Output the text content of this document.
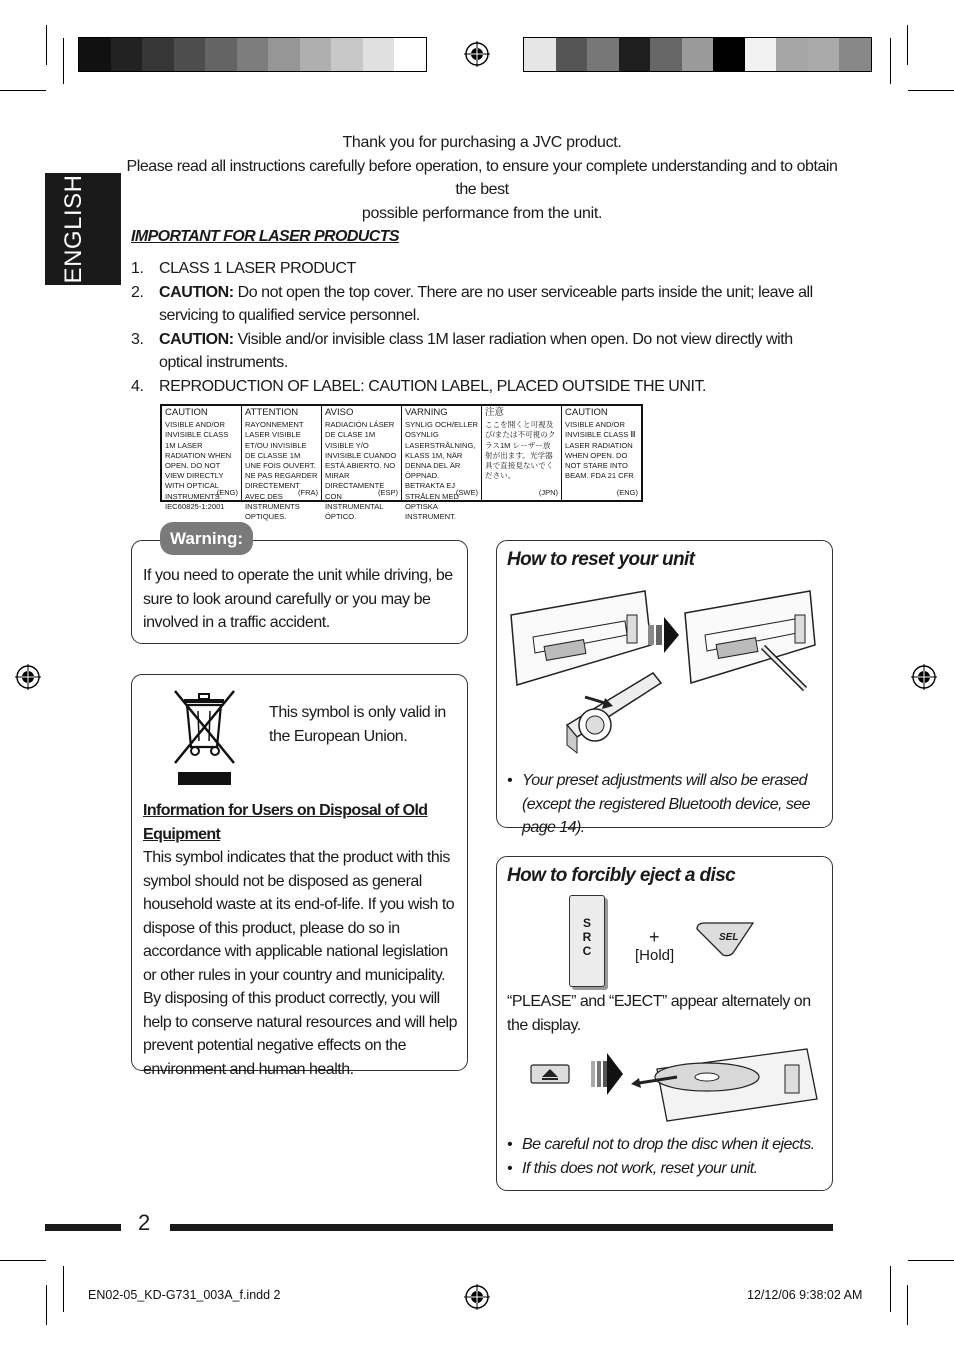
ENGLISH
Thank you for purchasing a JVC product.
Please read all instructions carefully before operation, to ensure your complete understanding and to obtain the best
possible performance from the unit.
IMPORTANT FOR LASER PRODUCTS
1. CLASS 1 LASER PRODUCT
2. CAUTION: Do not open the top cover. There are no user serviceable parts inside the unit; leave all servicing to qualified service personnel.
3. CAUTION: Visible and/or invisible class 1M laser radiation when open. Do not view directly with optical instruments.
4. REPRODUCTION OF LABEL: CAUTION LABEL, PLACED OUTSIDE THE UNIT.
CAUTION
VISIBLE AND/OR INVISIBLE CLASS 1M LASER RADIATION WHEN OPEN. DO NOT VIEW DIRECTLY WITH OPTICAL INSTRUMENTS. IEC60825-1:2001
(ENG)
ATTENTION
RAYONNEMENT LASER VISIBLE ET/OU INVISIBLE DE CLASSE 1M UNE FOIS OUVERT. NE PAS REGARDER DIRECTEMENT AVEC DES INSTRUMENTS OPTIQUES.
(FRA)
AVISO
RADIACIÓN LÁSER DE CLASE 1M VISIBLE Y/O INVISIBLE CUANDO ESTÁ ABIERTO. NO MIRAR DIRECTAMENTE CON INSTRUMENTAL ÓPTICO.
(ESP)
VARNING
SYNLIG OCH/ELLER OSYNLIG LASERSTRÅLNING, KLASS 1M, NÄR DENNA DEL ÄR ÖPPNAD. BETRAKTA EJ STRÅLEN MED OPTISKA INSTRUMENT.
(SWE)
注意
ここを開くと可視及び/または不可視のクラス1M レーザー放射が出ます。光学器具で直接見ないでください。
(JPN)
CAUTION
VISIBLE AND/OR INVISIBLE CLASS Ⅲ LASER RADIATION WHEN OPEN. DO NOT STARE INTO BEAM. FDA 21 CFR
(ENG)
If you need to operate the unit while driving, be sure to look around carefully or you may be involved in a traffic accident.
Warning:
This symbol is only valid in the European Union.
Information for Users on Disposal of Old Equipment
This symbol indicates that the product with this symbol should not be disposed as general household waste at its end-of-life. If you wish to dispose of this product, please do so in accordance with applicable national legislation or other rules in your country and municipality. By disposing of this product correctly, you will help to conserve natural resources and will help prevent potential negative effects on the environment and human health.
How to reset your unit
• Your preset adjustments will also be erased (except the registered Bluetooth device, see page 14).
How to forcibly eject a disc
SRC
+
[Hold]
SEL
“PLEASE” and “EJECT” appear alternately on the display.
• Be careful not to drop the disc when it ejects.
• If this does not work, reset your unit.
2
EN02-05_KD-G731_003A_f.indd 2	12/12/06 9:38:02 AM
